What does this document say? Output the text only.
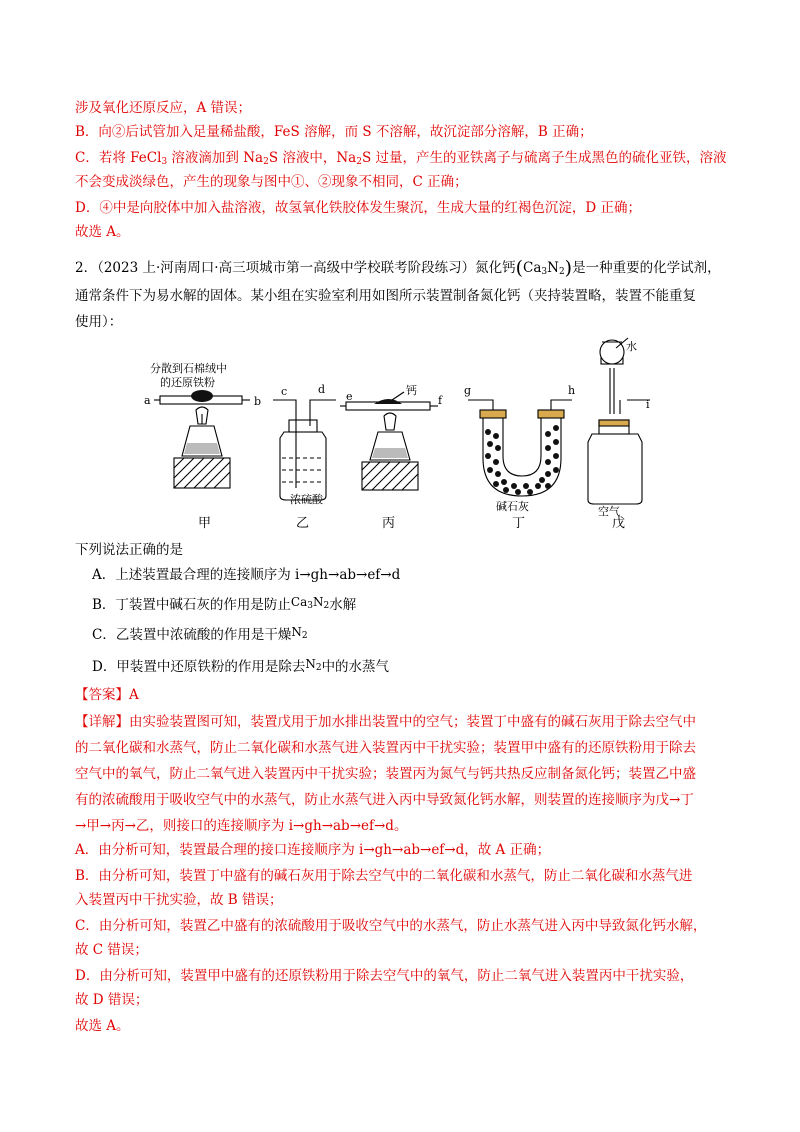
涉及氧化还原反应，A 错误；
B．向②后试管加入足量稀盐酸，FeS 溶解，而 S 不溶解，故沉淀部分溶解，B 正确；
C．若将 FeCl$_3$ 溶液滴加到 $Na_2S$ 溶液中，$Na_2S$ 过量，产生的亚铁离子与硫离子生成黑色的硫化亚铁，溶液
不会变成淡绿色，产生的现象与图中①、②现象不相同，C 正确；
D．④中是向胶体中加入盐溶液，故氢氧化铁胶体发生聚沉，生成大量的红褐色沉淀，D 正确；
故选 A。
2．（2023 上·河南周口·高三项城市第一高级中学校联考阶段练习）氮化钙$(Ca_3N_2)$是一种重要的化学试剂，
通常条件下为易水解的固体。某小组在实验室利用如图所示装置制备氮化钙（夹持装置略，装置不能重复
使用）：
分散到石棉绒中
的还原铁粉
a	b
c	d
e	f
钙	g	h
i
水
浓硫酸
碱石灰	空气
甲	乙	丙	丁	戊
下列说法正确的是
A．上述装置最合理的连接顺序为 i→gh→ab→ef→d
B．丁装置中碱石灰的作用是防止$Ca_3N_2$水解
C．乙装置中浓硫酸的作用是干燥$N_2$
D．甲装置中还原铁粉的作用是除去$N_2$中的水蒸气
【答案】A
【详解】由实验装置图可知，装置戊用于加水排出装置中的空气；装置丁中盛有的碱石灰用于除去空气中
的二氧化碳和水蒸气，防止二氧化碳和水蒸气进入装置丙中干扰实验；装置甲中盛有的还原铁粉用于除去
空气中的氧气，防止二氧气进入装置丙中干扰实验；装置丙为氮气与钙共热反应制备氮化钙；装置乙中盛
有的浓硫酸用于吸收空气中的水蒸气，防止水蒸气进入丙中导致氮化钙水解，则装置的连接顺序为戊→丁
→甲→丙→乙，则接口的连接顺序为 i→gh→ab→ef→d。
A．由分析可知，装置最合理的接口连接顺序为 i→gh→ab→ef→d，故 A 正确；
B．由分析可知，装置丁中盛有的碱石灰用于除去空气中的二氧化碳和水蒸气，防止二氧化碳和水蒸气进
入装置丙中干扰实验，故 B 错误；
C．由分析可知，装置乙中盛有的浓硫酸用于吸收空气中的水蒸气，防止水蒸气进入丙中导致氮化钙水解，
故 C 错误；
D．由分析可知，装置甲中盛有的还原铁粉用于除去空气中的氧气，防止二氧气进入装置丙中干扰实验，
故 D 错误；
故选 A。
